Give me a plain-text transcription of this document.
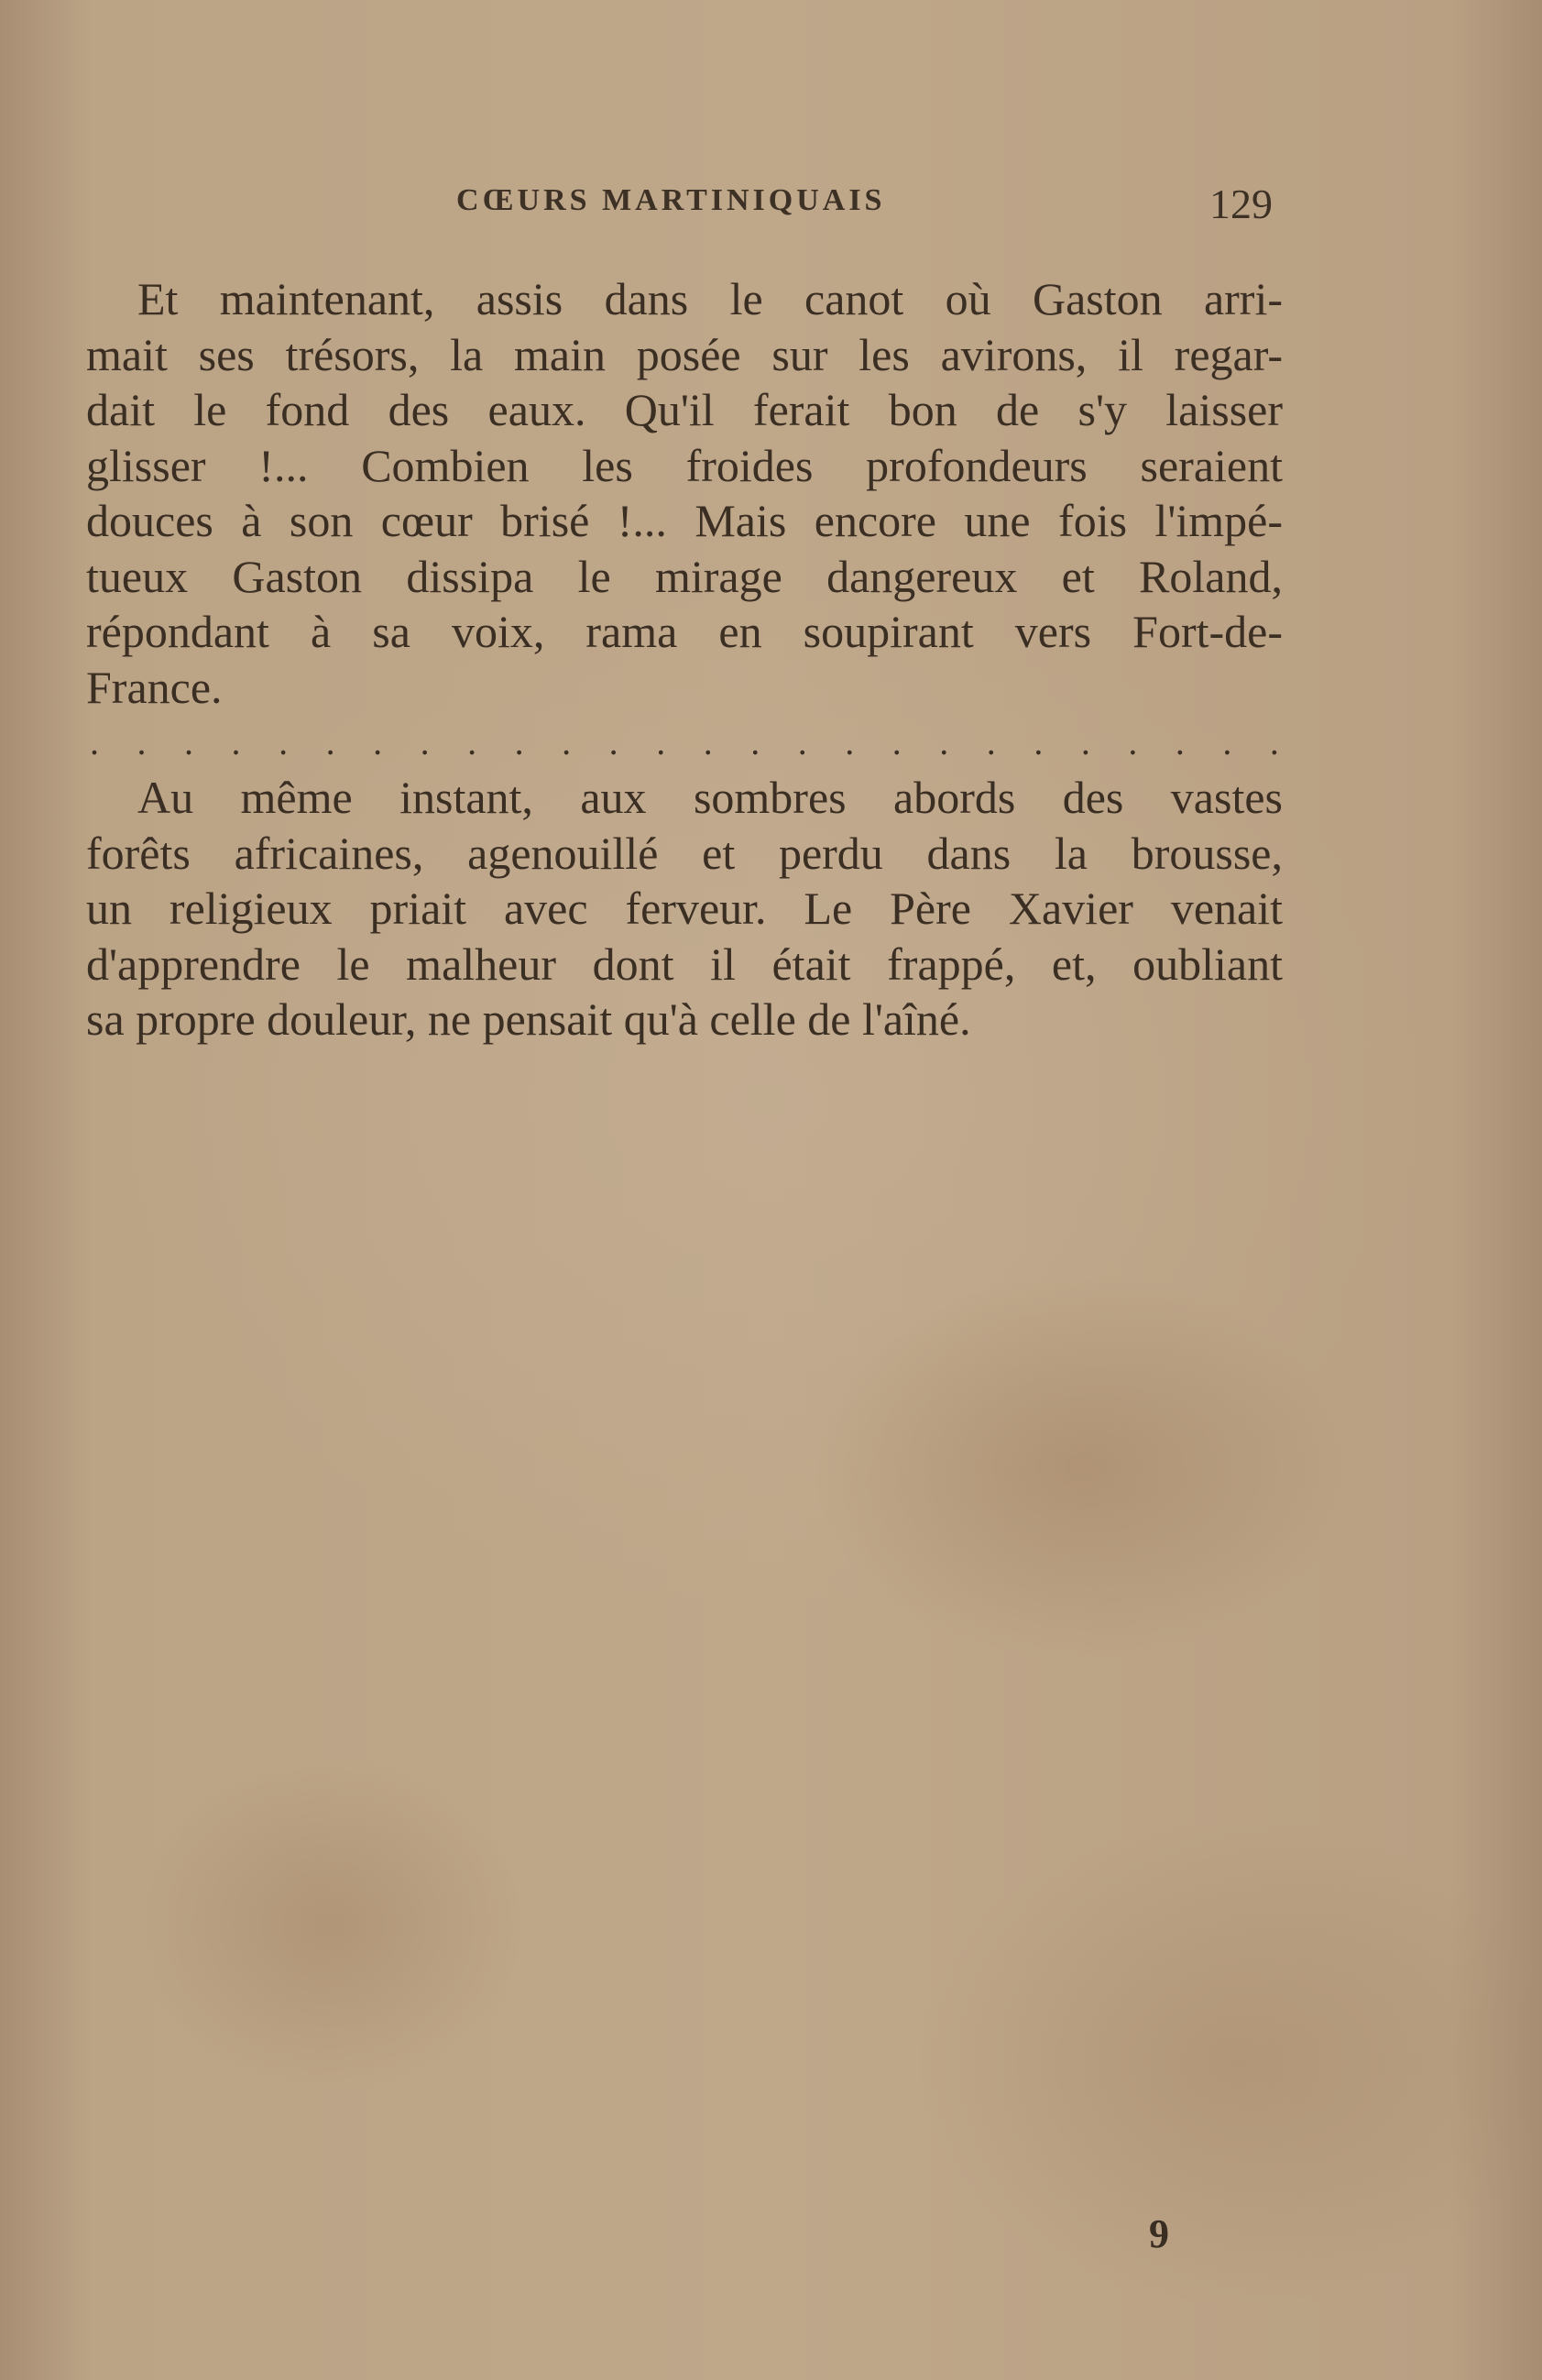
CŒURS MARTINIQUAIS	129
Et maintenant, assis dans le canot où Gaston arri-
mait ses trésors, la main posée sur les avirons, il regar-
dait le fond des eaux. Qu'il ferait bon de s'y laisser
glisser !... Combien les froides profondeurs seraient
douces à son cœur brisé !... Mais encore une fois l'impé-
tueux Gaston dissipa le mirage dangereux et Roland,
répondant à sa voix, rama en soupirant vers Fort-de-
France.
. . . . . . . . . . . . . . . . . . . . . . . . . .
Au même instant, aux sombres abords des vastes
forêts africaines, agenouillé et perdu dans la brousse,
un religieux priait avec ferveur. Le Père Xavier venait
d'apprendre le malheur dont il était frappé, et, oubliant
sa propre douleur, ne pensait qu'à celle de l'aîné.
9
